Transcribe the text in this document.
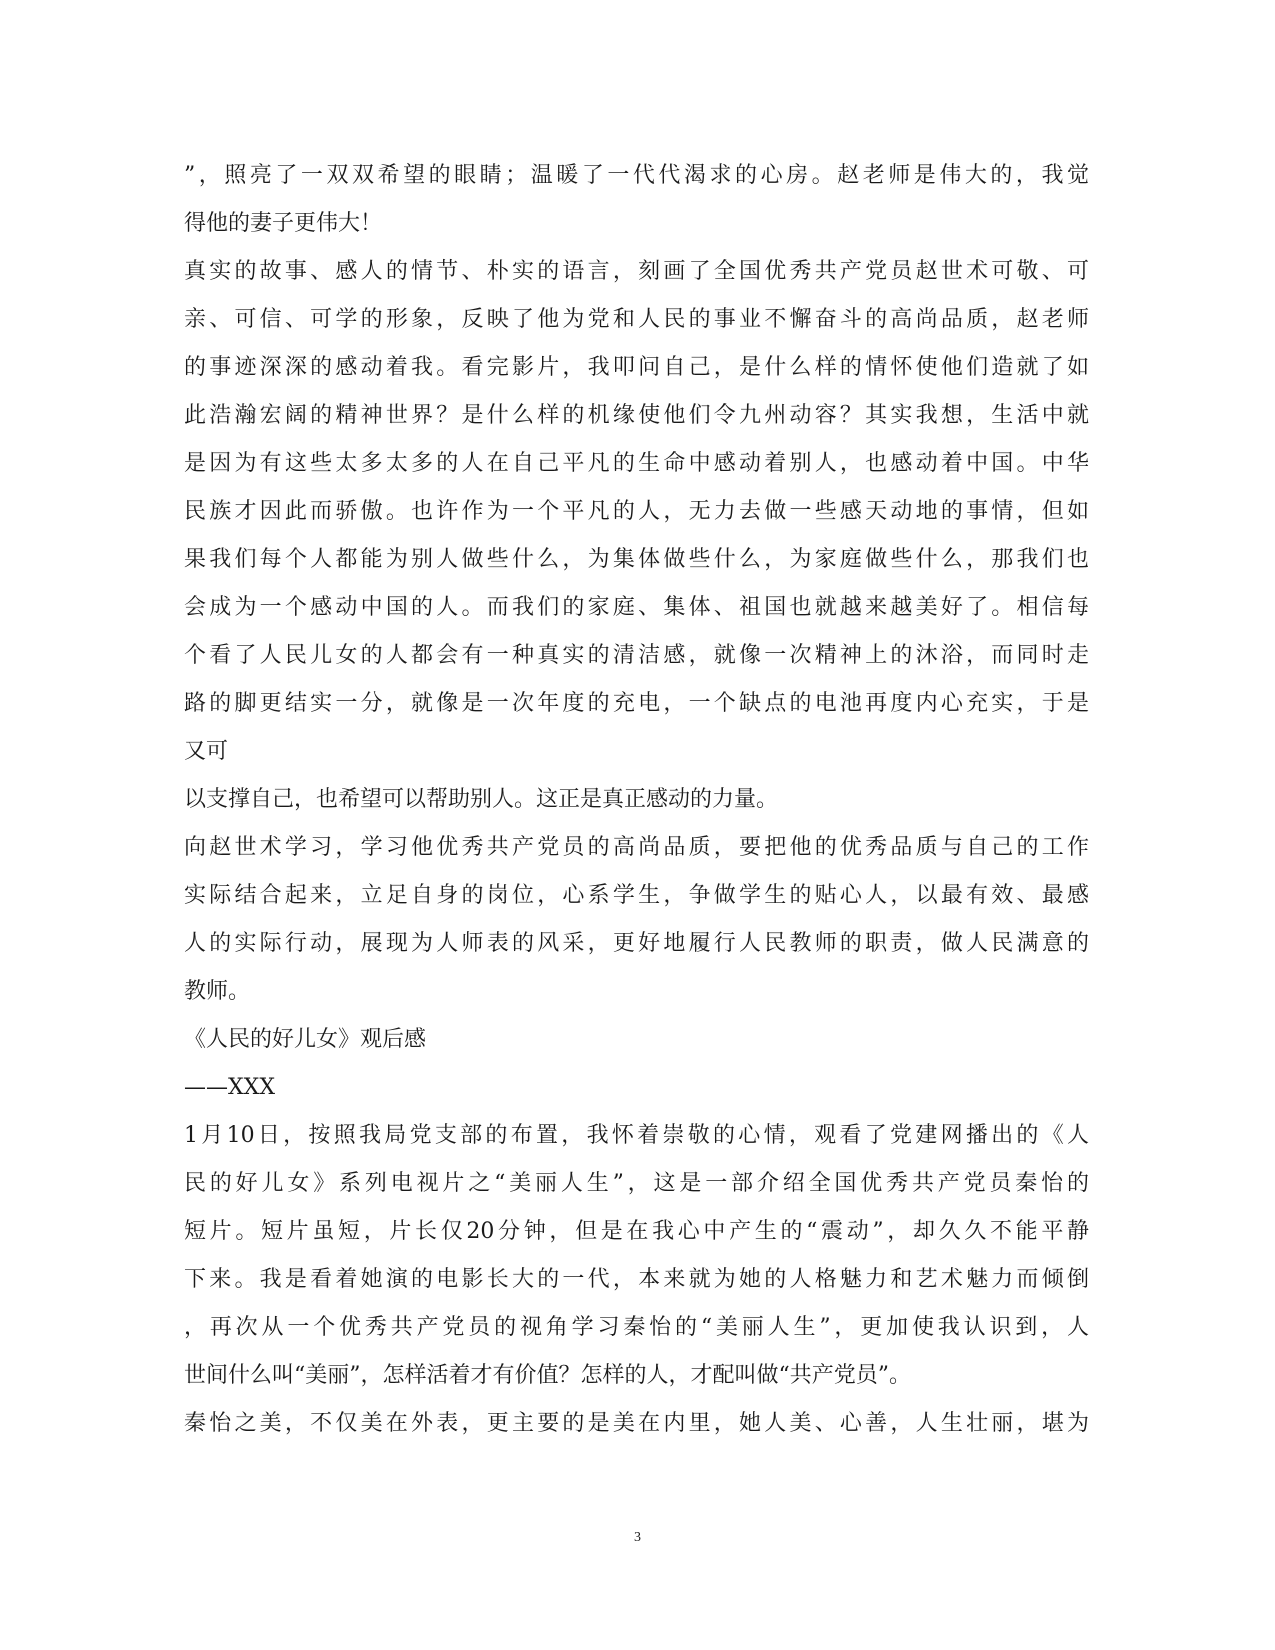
”，照亮了一双双希望的眼睛；温暖了一代代渴求的心房。赵老师是伟大的，我觉
得他的妻子更伟大！
真实的故事、感人的情节、朴实的语言，刻画了全国优秀共产党员赵世术可敬、可
亲、可信、可学的形象，反映了他为党和人民的事业不懈奋斗的高尚品质，赵老师
的事迹深深的感动着我。看完影片，我叩问自己，是什么样的情怀使他们造就了如
此浩瀚宏阔的精神世界？是什么样的机缘使他们令九州动容？其实我想，生活中就
是因为有这些太多太多的人在自己平凡的生命中感动着别人，也感动着中国。中华
民族才因此而骄傲。也许作为一个平凡的人，无力去做一些感天动地的事情，但如
果我们每个人都能为别人做些什么，为集体做些什么，为家庭做些什么，那我们也
会成为一个感动中国的人。而我们的家庭、集体、祖国也就越来越美好了。相信每
个看了人民儿女的人都会有一种真实的清洁感，就像一次精神上的沐浴，而同时走
路的脚更结实一分，就像是一次年度的充电，一个缺点的电池再度内心充实，于是
又可
以支撑自己，也希望可以帮助别人。这正是真正感动的力量。
向赵世术学习，学习他优秀共产党员的高尚品质，要把他的优秀品质与自己的工作
实际结合起来，立足自身的岗位，心系学生，争做学生的贴心人，以最有效、最感
人的实际行动，展现为人师表的风采，更好地履行人民教师的职责，做人民满意的
教师。
《人民的好儿女》观后感
——XXX
1月10日，按照我局党支部的布置，我怀着崇敬的心情，观看了党建网播出的《人
民的好儿女》系列电视片之“美丽人生”，这是一部介绍全国优秀共产党员秦怡的
短片。短片虽短，片长仅20分钟，但是在我心中产生的“震动”，却久久不能平静
下来。我是看着她演的电影长大的一代，本来就为她的人格魅力和艺术魅力而倾倒
，再次从一个优秀共产党员的视角学习秦怡的“美丽人生”，更加使我认识到，人
世间什么叫“美丽”，怎样活着才有价值？怎样的人，才配叫做“共产党员”。
秦怡之美，不仅美在外表，更主要的是美在内里，她人美、心善，人生壮丽，堪为
3
